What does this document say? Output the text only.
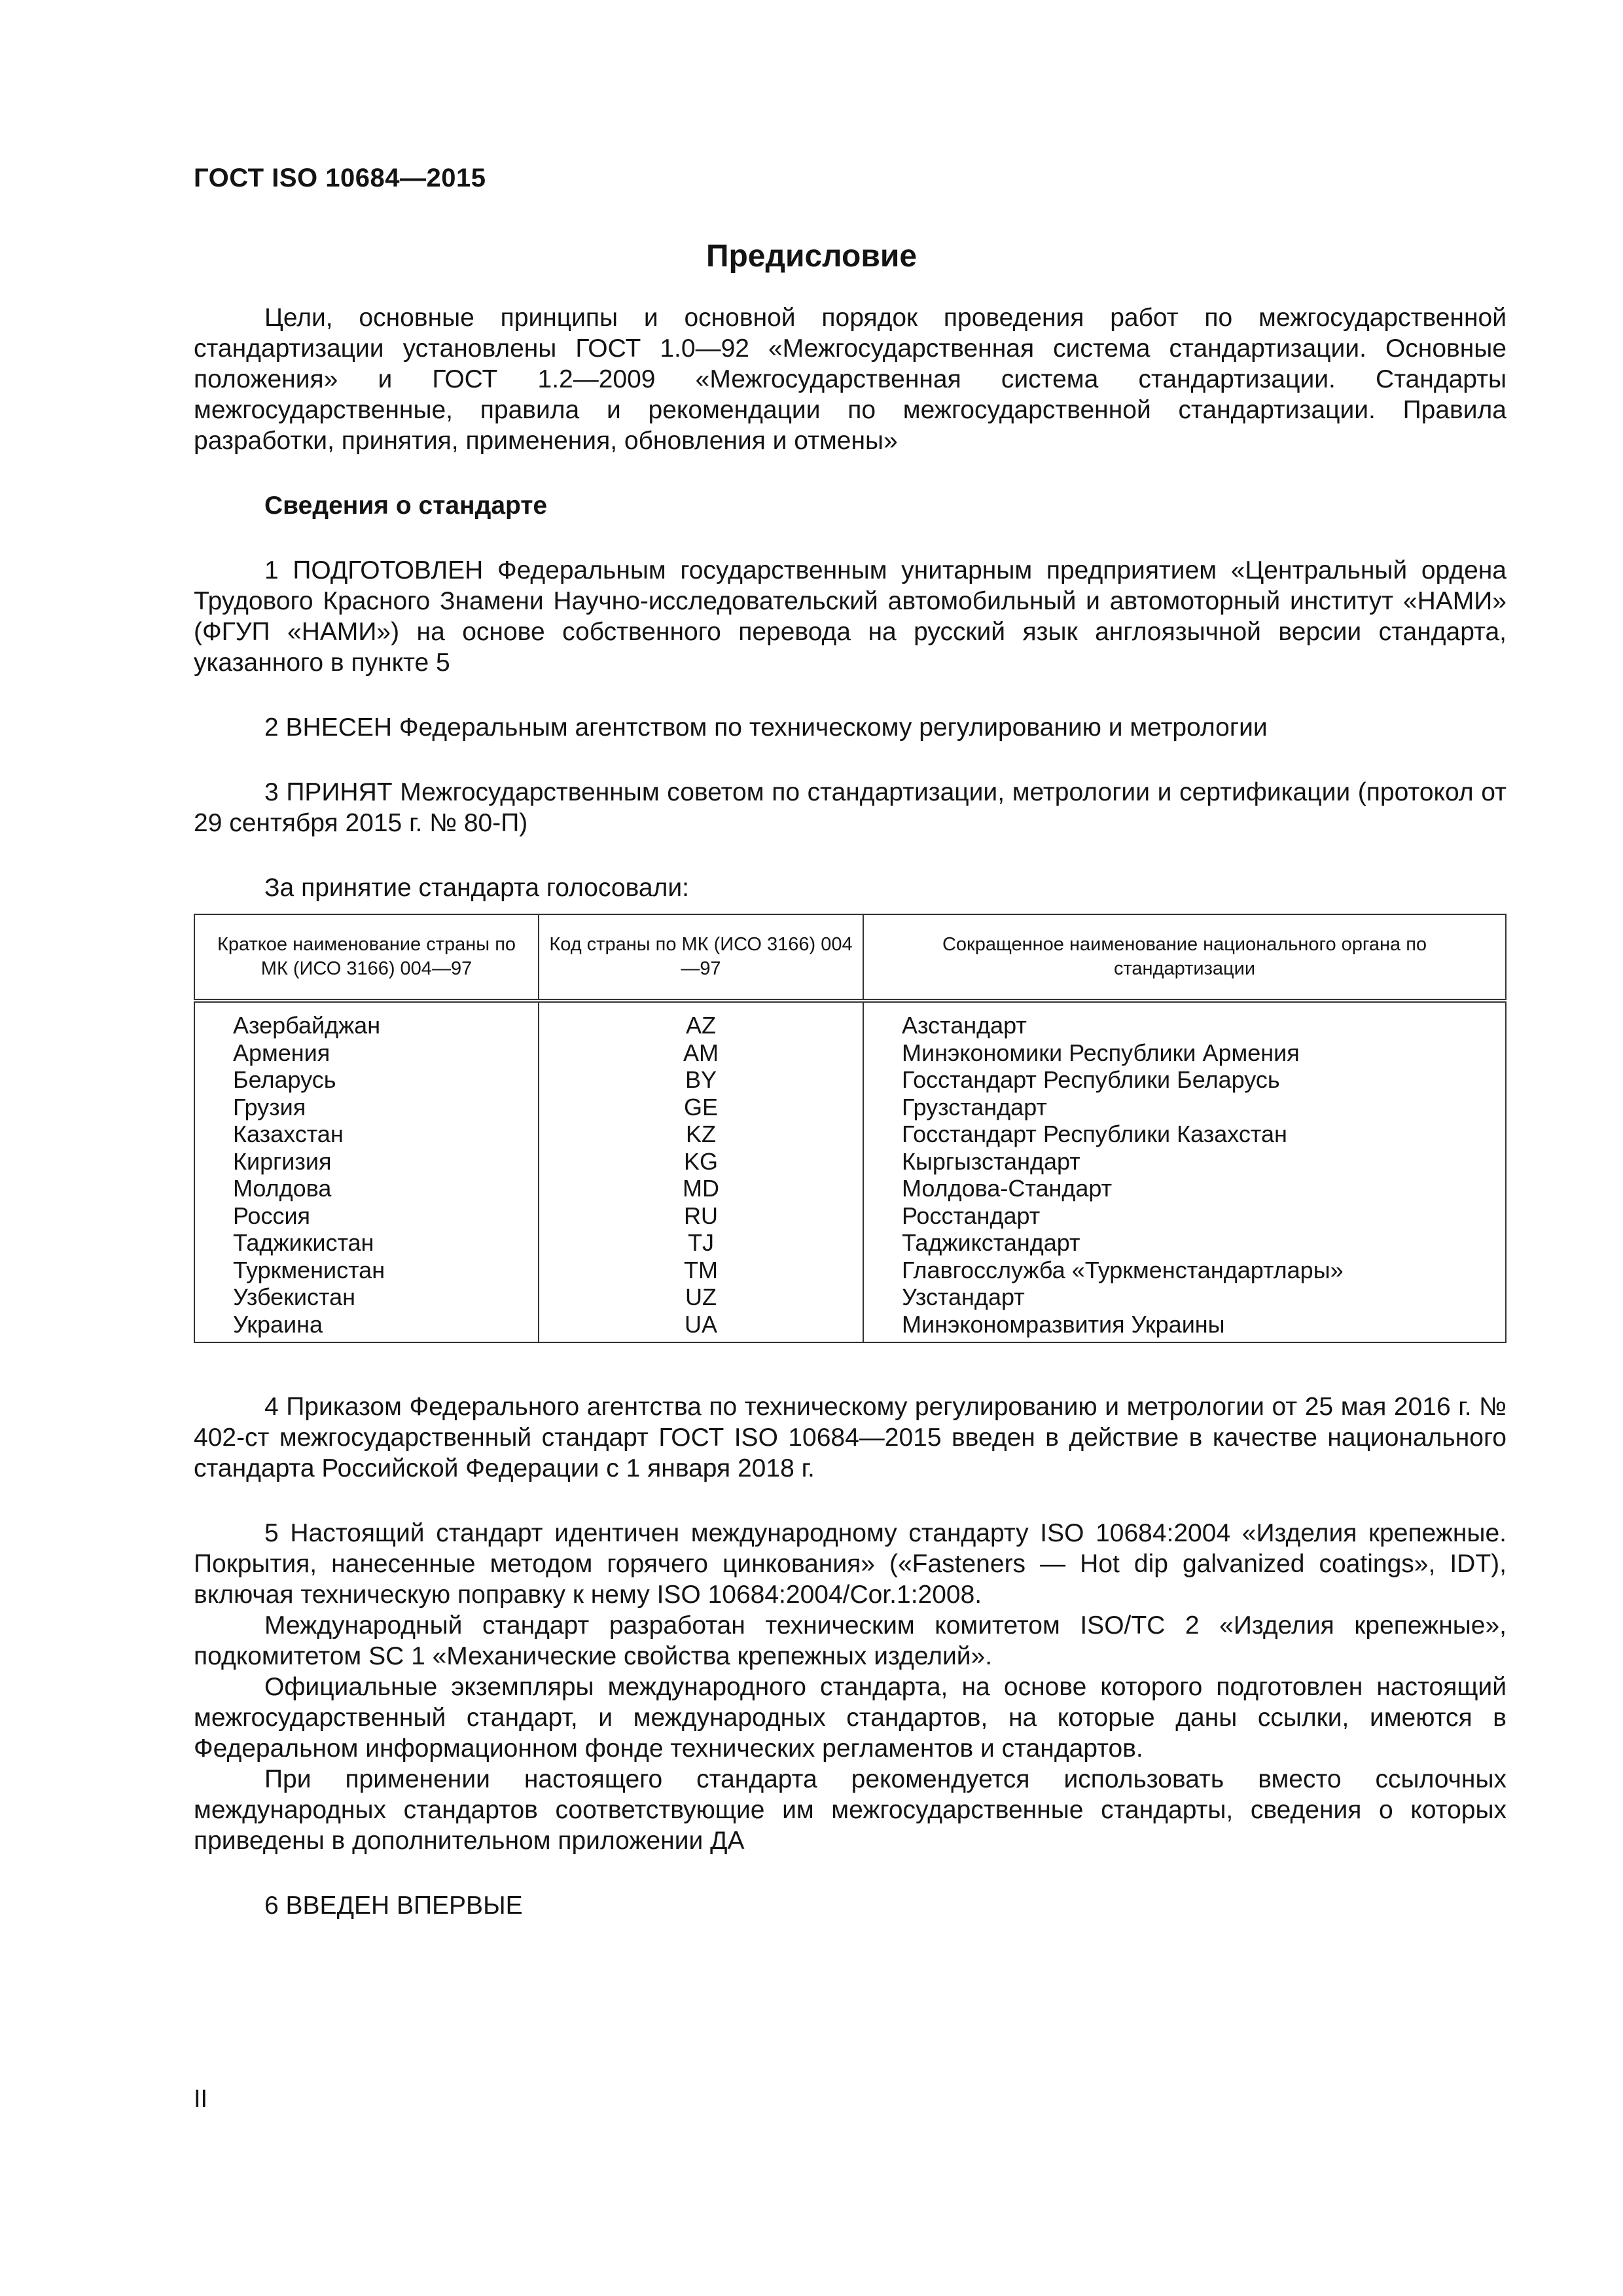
ГОСТ ISO 10684—2015
Предисловие

Цели, основные принципы и основной порядок проведения работ по межгосударственной стандартизации установлены ГОСТ 1.0—92 «Межгосударственная система стандартизации. Основные положения» и ГОСТ 1.2—2009 «Межгосударственная система стандартизации. Стандарты межгосударственные, правила и рекомендации по межгосударственной стандартизации. Правила разработки, принятия, применения, обновления и отмены»

Сведения о стандарте

1 ПОДГОТОВЛЕН Федеральным государственным унитарным предприятием «Центральный ордена Трудового Красного Знамени Научно-исследовательский автомобильный и автомоторный институт «НАМИ» (ФГУП «НАМИ») на основе собственного перевода на русский язык англоязычной версии стандарта, указанного в пункте 5

2 ВНЕСЕН Федеральным агентством по техническому регулированию и метрологии

3 ПРИНЯТ Межгосударственным советом по стандартизации, метрологии и сертификации (протокол от 29 сентября 2015 г. № 80-П)

За принятие стандарта голосовали:

Краткое наименование страны по МК (ИСО 3166) 004—97	Код страны по МК (ИСО 3166) 004—97	Сокращенное наименование национального органа по стандартизации
Азербайджан	AZ	Азстандарт
Армения	AM	Минэкономики Республики Армения
Беларусь	BY	Госстандарт Республики Беларусь
Грузия	GE	Грузстандарт
Казахстан	KZ	Госстандарт Республики Казахстан
Киргизия	KG	Кыргызстандарт
Молдова	MD	Молдова-Стандарт
Россия	RU	Росстандарт
Таджикистан	TJ	Таджикстандарт
Туркменистан	TM	Главгосслужба «Туркменстандартлары»
Узбекистан	UZ	Узстандарт
Украина	UA	Минэкономразвития Украины

4 Приказом Федерального агентства по техническому регулированию и метрологии от 25 мая 2016 г. № 402-ст межгосударственный стандарт ГОСТ ISO 10684—2015 введен в действие в качестве национального стандарта Российской Федерации с 1 января 2018 г.

5 Настоящий стандарт идентичен международному стандарту ISO 10684:2004 «Изделия крепежные. Покрытия, нанесенные методом горячего цинкования» («Fasteners — Hot dip galvanized coatings», IDT), включая техническую поправку к нему ISO 10684:2004/Cor.1:2008.

Международный стандарт разработан техническим комитетом ISO/TC 2 «Изделия крепежные», подкомитетом SC 1 «Механические свойства крепежных изделий».

Официальные экземпляры международного стандарта, на основе которого подготовлен настоящий межгосударственный стандарт, и международных стандартов, на которые даны ссылки, имеются в Федеральном информационном фонде технических регламентов и стандартов.

При применении настоящего стандарта рекомендуется использовать вместо ссылочных международных стандартов соответствующие им межгосударственные стандарты, сведения о которых приведены в дополнительном приложении ДА

6 ВВЕДЕН ВПЕРВЫЕ

II
